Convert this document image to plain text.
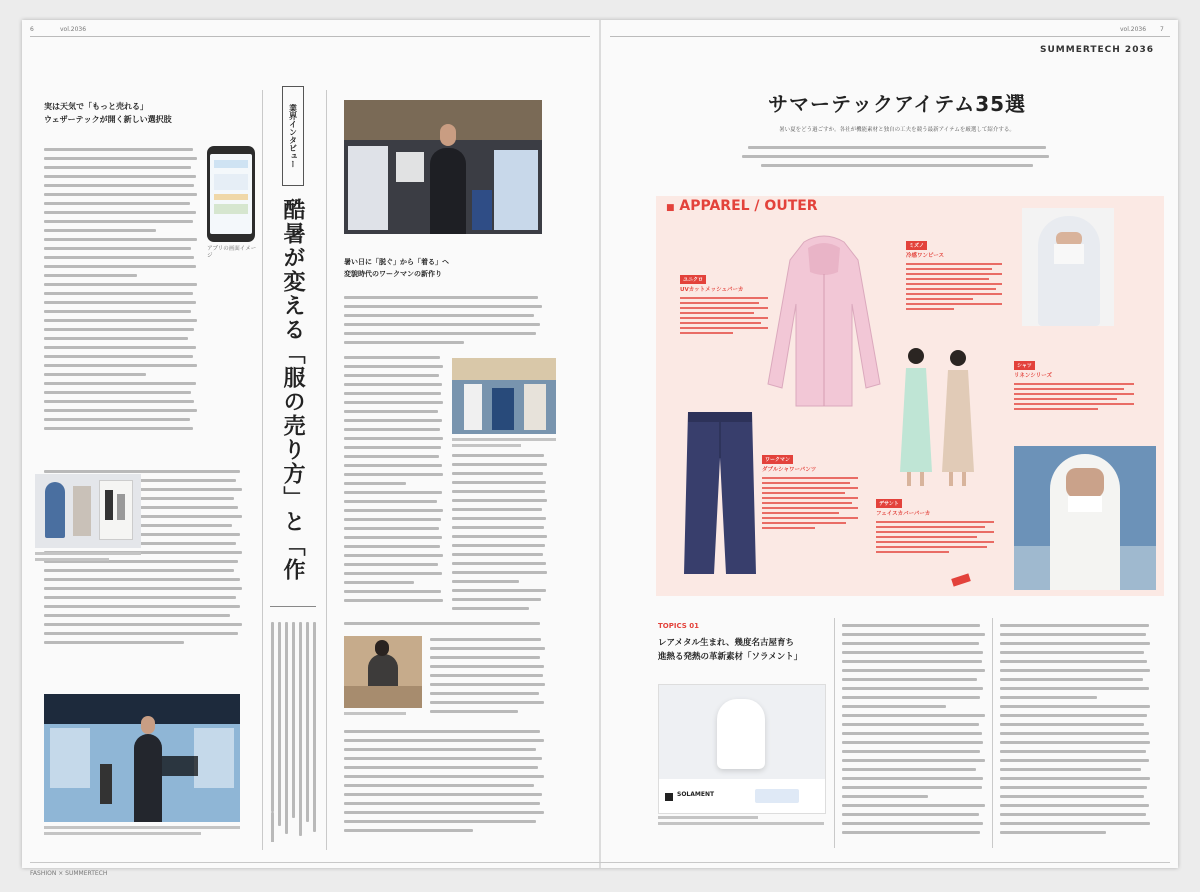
6	vol.2036	7
vol.2036
FASHION × SUMMERTECH
SUMMERTECH 2036
実は天気で「もっと売れる」
ウェザーテックが開く新しい選択肢
アプリの画面イメージ
業界インタビュー
酷暑が変える「服の売り方」と「作
暑い日に「脱ぐ」から「着る」へ
変貌時代のワークマンの新作り
サマーテックアイテム35選
暑い夏をどう過ごすか。各社が機能素材と独自の工夫を競う最新アイテムを厳選して紹介する。
■ APPAREL / OUTER
ユニクロ
UVカットメッシュパーカ
ワークマン
ダブルシャワーパンツ
ミズノ
冷感ワンピース
デサント
フェイスカバーパーカ
シャツ
リネンシリーズ
TOPICS 01
レアメタル生まれ、幾度名古屋育ち
進熱る発熱の革新素材「ソラメント」
SOLAMENT
